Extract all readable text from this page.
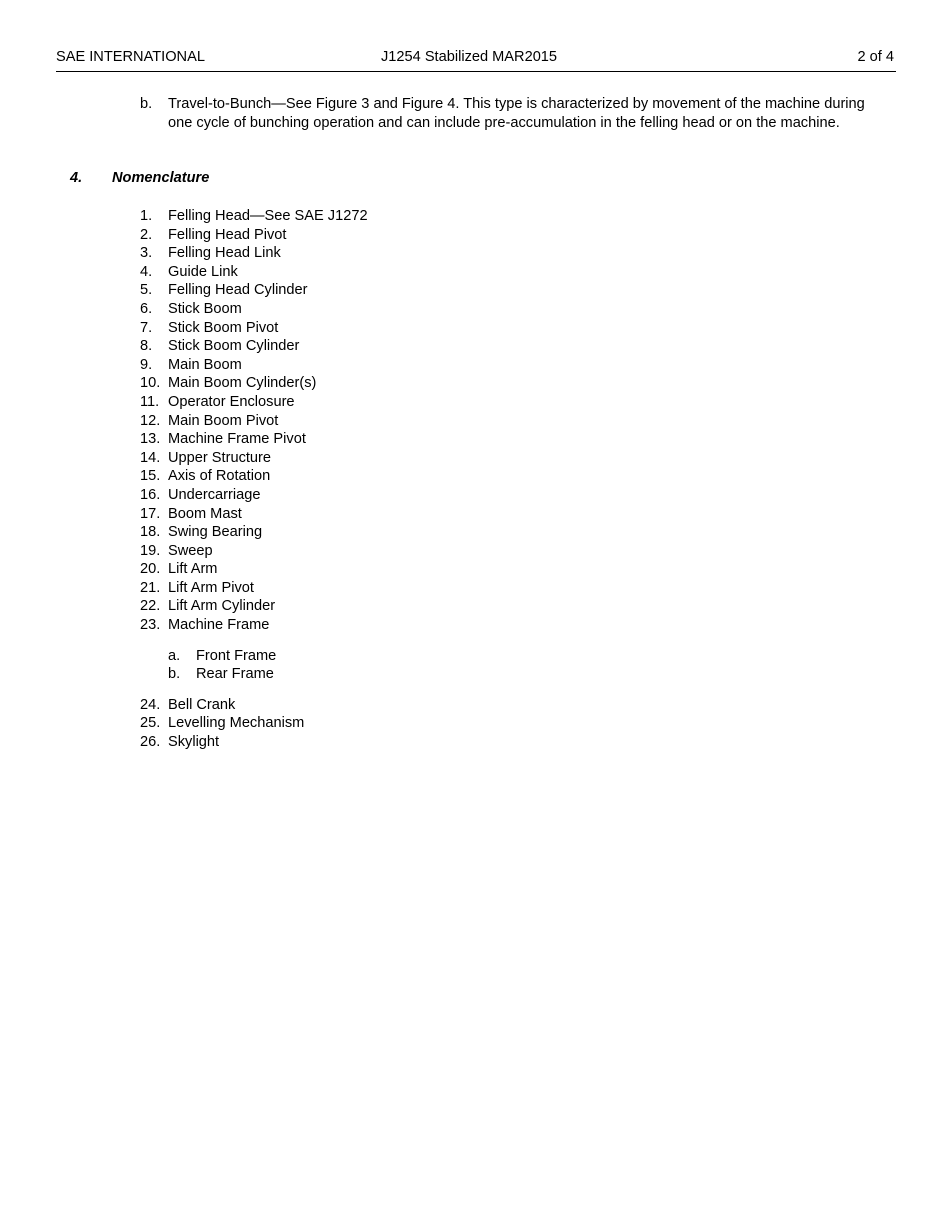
SAE INTERNATIONAL	J1254 Stabilized MAR2015	2 of 4
b. Travel-to-Bunch—See Figure 3 and Figure 4. This type is characterized by movement of the machine during one cycle of bunching operation and can include pre-accumulation in the felling head or on the machine.
4. Nomenclature
1. Felling Head—See SAE J1272
2. Felling Head Pivot
3. Felling Head Link
4. Guide Link
5. Felling Head Cylinder
6. Stick Boom
7. Stick Boom Pivot
8. Stick Boom Cylinder
9. Main Boom
10. Main Boom Cylinder(s)
11. Operator Enclosure
12. Main Boom Pivot
13. Machine Frame Pivot
14. Upper Structure
15. Axis of Rotation
16. Undercarriage
17. Boom Mast
18. Swing Bearing
19. Sweep
20. Lift Arm
21. Lift Arm Pivot
22. Lift Arm Cylinder
23. Machine Frame
a. Front Frame
b. Rear Frame
24. Bell Crank
25. Levelling Mechanism
26. Skylight
